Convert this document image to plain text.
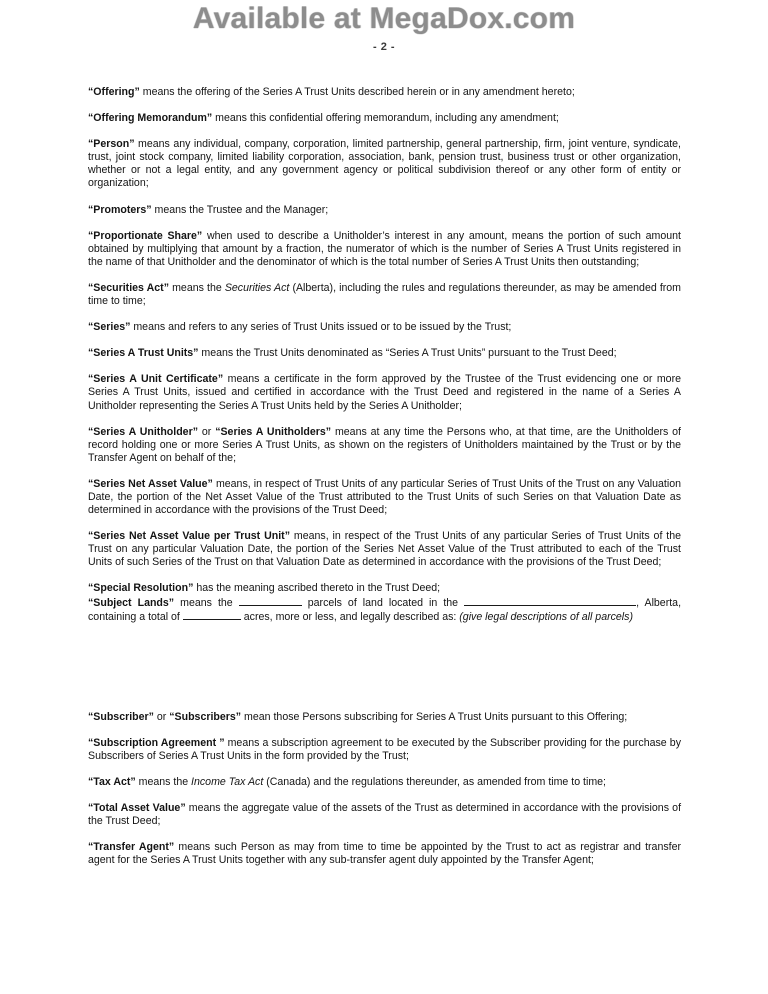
Available at MegaDox.com
- 2 -

“Offering” means the offering of the Series A Trust Units described herein or in any amendment hereto;

“Offering Memorandum” means this confidential offering memorandum, including any amendment;

“Person” means any individual, company, corporation, limited partnership, general partnership, firm, joint venture, syndicate, trust, joint stock company, limited liability corporation, association, bank, pension trust, business trust or other organization, whether or not a legal entity, and any government agency or political subdivision thereof or any other form of entity or organization;

“Promoters” means the Trustee and the Manager;

“Proportionate Share” when used to describe a Unitholder’s interest in any amount, means the portion of such amount obtained by multiplying that amount by a fraction, the numerator of which is the number of Series A Trust Units registered in the name of that Unitholder and the denominator of which is the total number of Series A Trust Units then outstanding;

“Securities Act” means the Securities Act (Alberta), including the rules and regulations thereunder, as may be amended from time to time;

“Series” means and refers to any series of Trust Units issued or to be issued by the Trust;

“Series A Trust Units” means the Trust Units denominated as “Series A Trust Units” pursuant to the Trust Deed;

“Series A Unit Certificate” means a certificate in the form approved by the Trustee of the Trust evidencing one or more Series A Trust Units, issued and certified in accordance with the Trust Deed and registered in the name of a Series A Unitholder representing the Series A Trust Units held by the Series A Unitholder;

“Series A Unitholder” or “Series A Unitholders” means at any time the Persons who, at that time, are the Unitholders of record holding one or more Series A Trust Units, as shown on the registers of Unitholders maintained by the Trust or by the Transfer Agent on behalf of the;

“Series Net Asset Value” means, in respect of Trust Units of any particular Series of Trust Units of the Trust on any Valuation Date, the portion of the Net Asset Value of the Trust attributed to the Trust Units of such Series on that Valuation Date as determined in accordance with the provisions of the Trust Deed;

“Series Net Asset Value per Trust Unit” means, in respect of the Trust Units of any particular Series of Trust Units of the Trust on any particular Valuation Date, the portion of the Series Net Asset Value of the Trust attributed to each of the Trust Units of such Series of the Trust on that Valuation Date as determined in accordance with the provisions of the Trust Deed;

“Special Resolution” has the meaning ascribed thereto in the Trust Deed;

“Subject Lands” means the	parcels of land located in the	, Alberta, containing a total of	acres, more or less, and legally described as: (give legal descriptions of all parcels)

“Subscriber” or “Subscribers” mean those Persons subscribing for Series A Trust Units pursuant to this Offering;

“Subscription Agreement ” means a subscription agreement to be executed by the Subscriber providing for the purchase by Subscribers of Series A Trust Units in the form provided by the Trust;

“Tax Act” means the Income Tax Act (Canada) and the regulations thereunder, as amended from time to time;

“Total Asset Value” means the aggregate value of the assets of the Trust as determined in accordance with the provisions of the Trust Deed;

“Transfer Agent” means such Person as may from time to time be appointed by the Trust to act as registrar and transfer agent for the Series A Trust Units together with any sub-transfer agent duly appointed by the Transfer Agent;
